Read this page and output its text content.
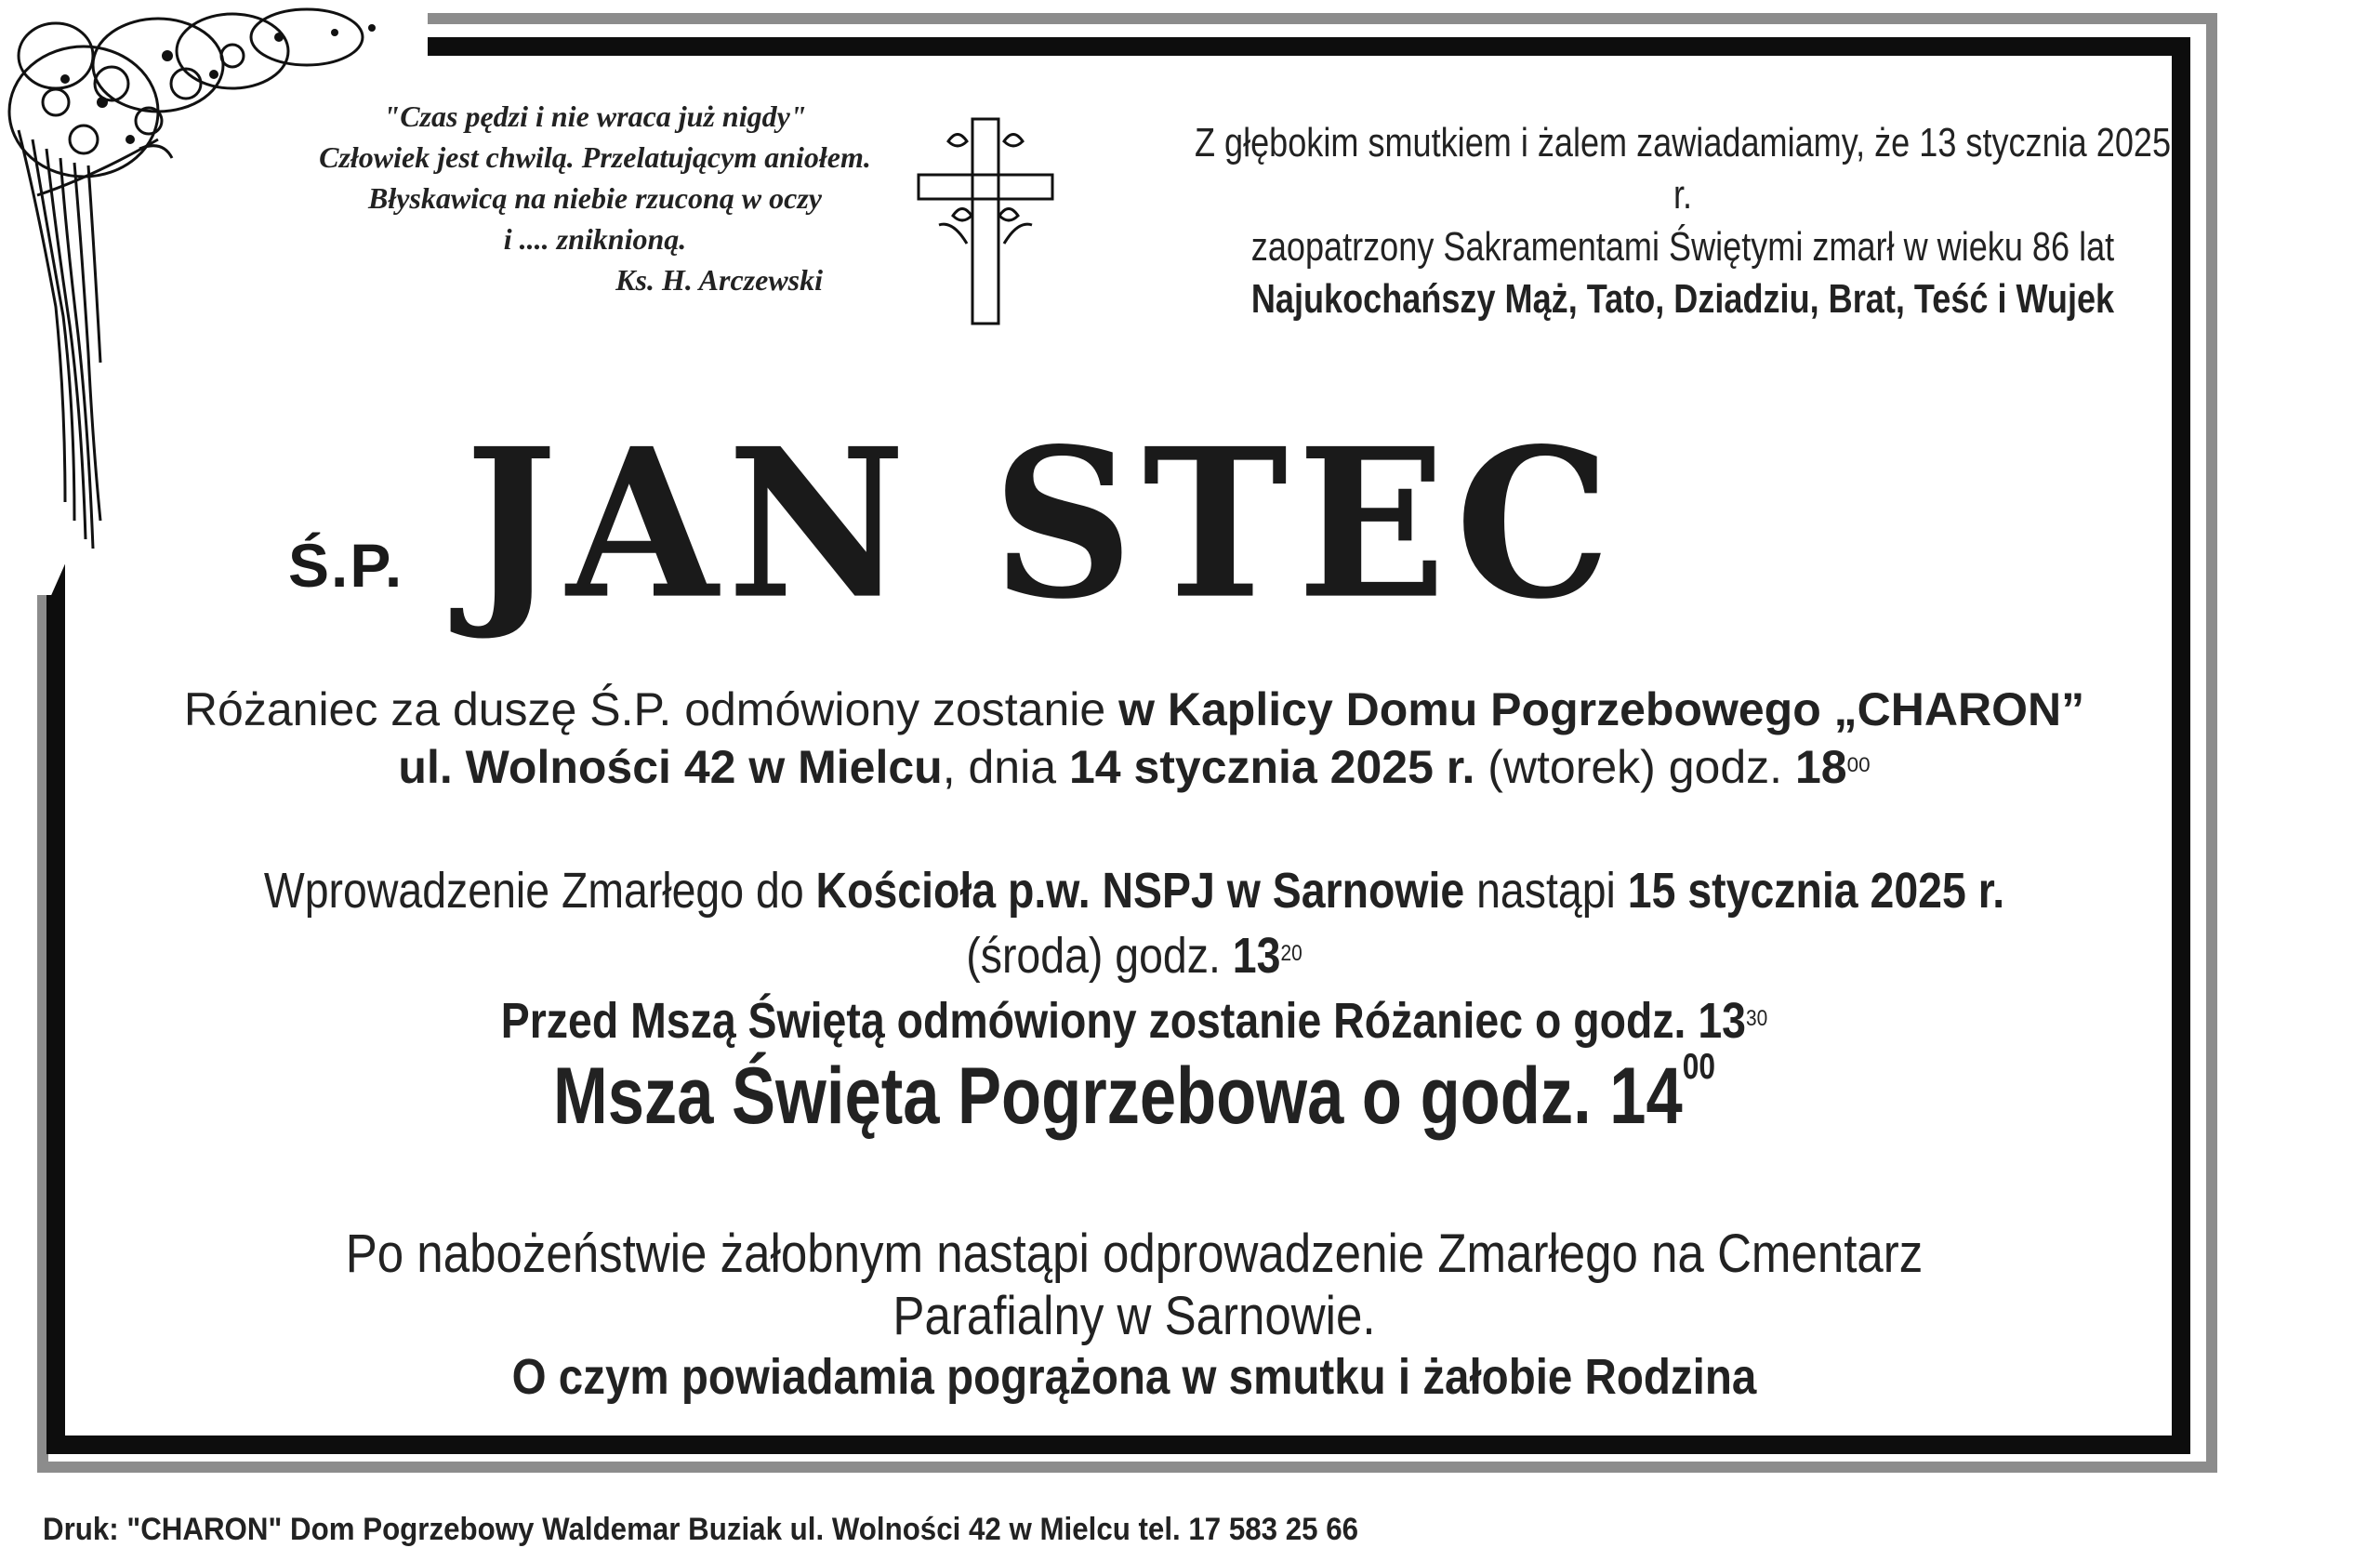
"Czas pędzi i nie wraca już nigdy"
Człowiek jest chwilą. Przelatującym aniołem.
Błyskawicą na niebie rzuconą w oczy
i .... zniknioną.
Ks. H. Arczewski
Z głębokim smutkiem i żalem zawiadamiamy, że 13 stycznia 2025 r.
zaopatrzony Sakramentami Świętymi zmarł w wieku 86 lat
Najukochańszy Mąż, Tato, Dziadziu, Brat, Teść i Wujek
Ś.P. JAN STEC
Różaniec za duszę Ś.P. odmówiony zostanie w Kaplicy Domu Pogrzebowego „CHARON”
ul. Wolności 42 w Mielcu, dnia 14 stycznia 2025 r. (wtorek) godz. $18^{00}$
Wprowadzenie Zmarłego do Kościoła p.w. NSPJ w Sarnowie nastąpi 15 stycznia 2025 r. (środa) godz. $13^{20}$
Przed Mszą Świętą odmówiony zostanie Różaniec o godz. $13^{30}$
Msza Święta Pogrzebowa o godz. $14^{00}$
Po nabożeństwie żałobnym nastąpi odprowadzenie Zmarłego na Cmentarz Parafialny w Sarnowie.
O czym powiadamia pogrążona w smutku i żałobie Rodzina
Druk: "CHARON" Dom Pogrzebowy Waldemar Buziak ul. Wolności 42 w Mielcu tel. 17 583 25 66
